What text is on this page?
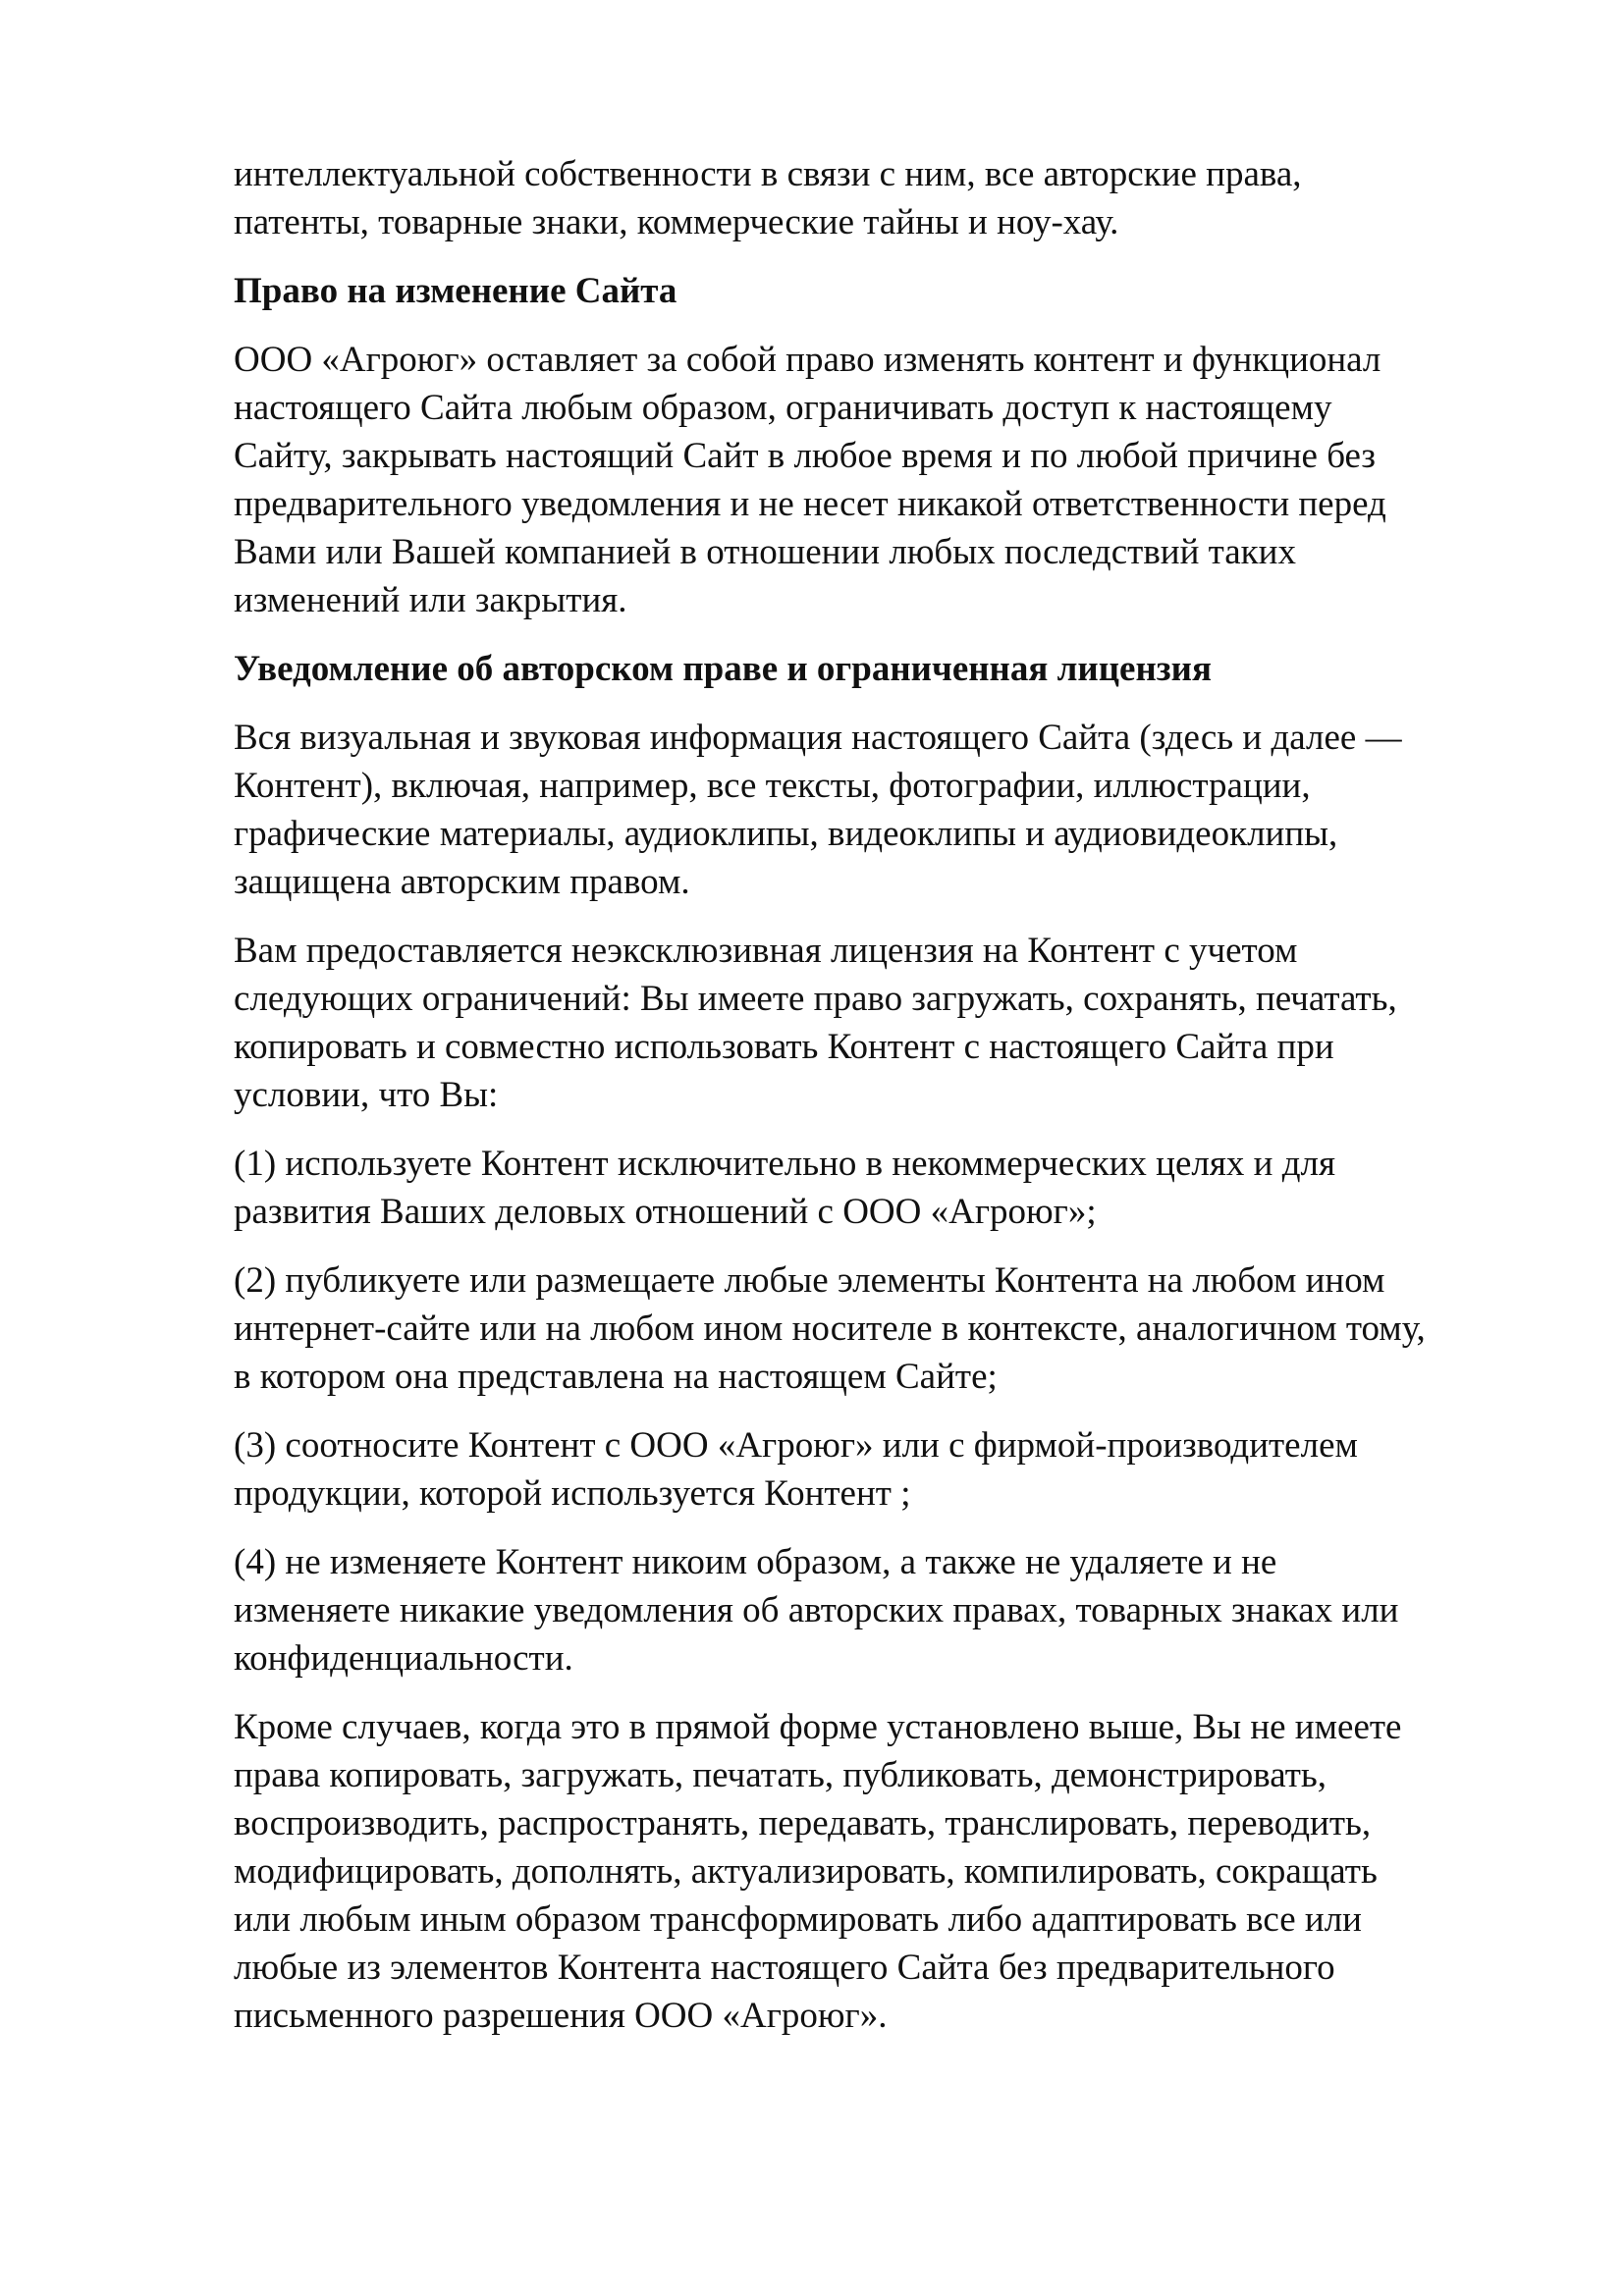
интеллектуальной собственности в связи с ним, все авторские права,
патенты, товарные знаки, коммерческие тайны и ноу-хау.
Право на изменение Сайта
ООО «Агроюг» оставляет за собой право изменять контент и функционал
настоящего Сайта любым образом, ограничивать доступ к настоящему
Сайту, закрывать настоящий Сайт в любое время и по любой причине без
предварительного уведомления и не несет никакой ответственности перед
Вами или Вашей компанией в отношении любых последствий таких
изменений или закрытия.
Уведомление об авторском праве и ограниченная лицензия
Вся визуальная и звуковая информация настоящего Сайта (здесь и далее —
Контент), включая, например, все тексты, фотографии, иллюстрации,
графические материалы, аудиоклипы, видеоклипы и аудиовидеоклипы,
защищена авторским правом.
Вам предоставляется неэксклюзивная лицензия на Контент с учетом
следующих ограничений: Вы имеете право загружать, сохранять, печатать,
копировать и совместно использовать Контент с настоящего Сайта при
условии, что Вы:
(1) используете Контент исключительно в некоммерческих целях и для
развития Ваших деловых отношений с ООО «Агроюг»;
(2) публикуете или размещаете любые элементы Контента на любом ином
интернет-сайте или на любом ином носителе в контексте, аналогичном тому,
в котором она представлена на настоящем Сайте;
(3) соотносите Контент с ООО «Агроюг» или с фирмой-производителем
продукции, которой используется Контент ;
(4) не изменяете Контент никоим образом, а также не удаляете и не
изменяете никакие уведомления об авторских правах, товарных знаках или
конфиденциальности.
Кроме случаев, когда это в прямой форме установлено выше, Вы не имеете
права копировать, загружать, печатать, публиковать, демонстрировать,
воспроизводить, распространять, передавать, транслировать, переводить,
модифицировать, дополнять, актуализировать, компилировать, сокращать
или любым иным образом трансформировать либо адаптировать все или
любые из элементов Контента настоящего Сайта без предварительного
письменного разрешения ООО «Агроюг».
